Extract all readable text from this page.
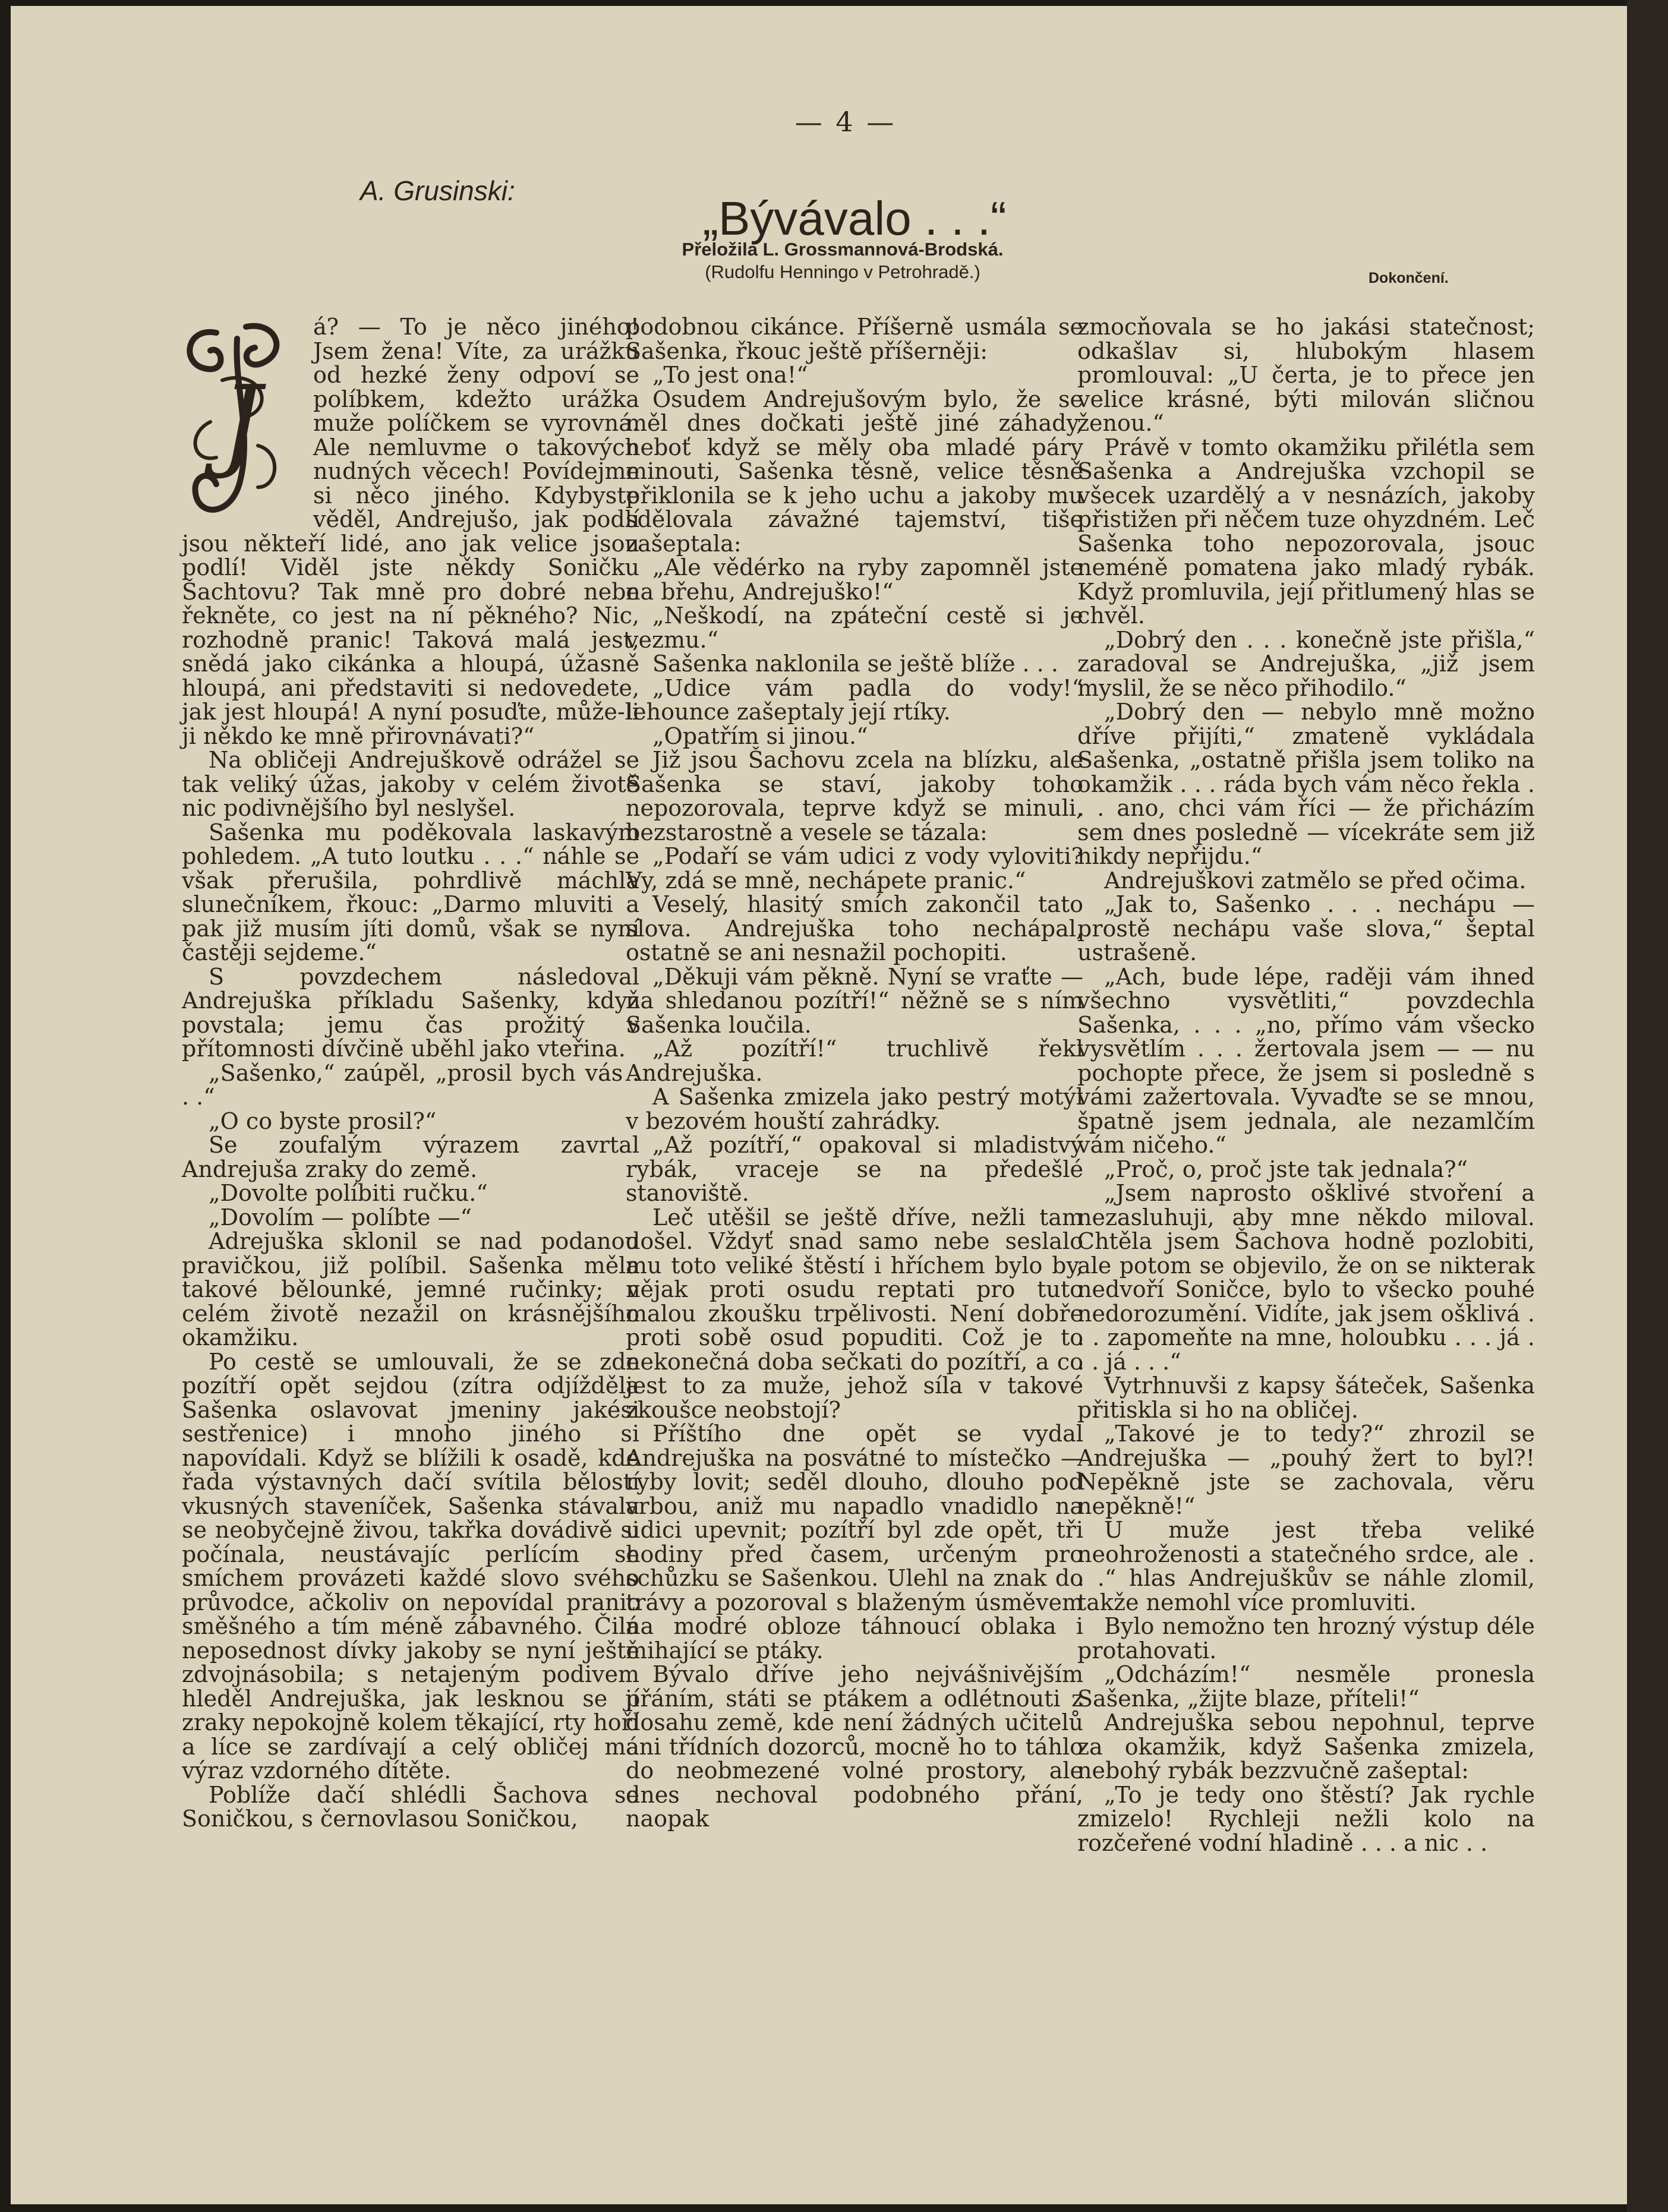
— 4 —
A. Grusinski:
„Bývávalo . . .“
Přeložila L. Grossmannová-Brodská.
(Rudolfu Henningo v Petrohradě.)	Dokončení.
J

á? — To je něco jiného! Jsem žena! Víte, za urážku od hezké ženy odpoví se políbkem, kdežto urážka muže políčkem se vyrovná. Ale nemluvme o takových nudných věcech! Povídejme si něco jiného. Kdybyste věděl, Andrejušo, jak podlí jsou někteří lidé, ano jak velice jsou podlí! Viděl jste někdy Soničku Šachtovu? Tak mně pro dobré nebe řekněte, co jest na ní pěkného? Nic, rozhodně pranic! Taková malá jest, snědá jako cikánka a hloupá, úžasně hloupá, ani představiti si nedovedete, jak jest hloupá! A nyní posuďte, může-li ji někdo ke mně přirovnávati?“

Na obličeji Andrejuškově odrážel se tak veliký úžas, jakoby v celém životě nic podivnějšího byl neslyšel.

Sašenka mu poděkovala laskavým pohledem. „A tuto loutku . . .“ náhle se však přerušila, pohrdlivě máchla slunečníkem, řkouc: „Darmo mluviti a pak již musím jíti domů, však se nyní častěji sejdeme.“

S povzdechem následoval Andrejuška příkladu Sašenky, když povstala; jemu čas prožitý v přítomnosti dívčině uběhl jako vteřina.

„Sašenko,“ zaúpěl, „prosil bych vás . . .“

„O co byste prosil?“

Se zoufalým výrazem zavrtal Andrejuša zraky do země.

„Dovolte políbiti ručku.“

„Dovolím — políbte —“

Adrejuška sklonil se nad podanou pravičkou, již políbil. Sašenka měla takové bělounké, jemné ručinky; v celém životě nezažil on krásnějšího okamžiku.

Po cestě se umlouvali, že se zde pozítří opět sejdou (zítra odjížděla Sašenka oslavovat jmeniny jakési sestřenice) i mnoho jiného si napovídali. Když se blížili k osadě, kde řada výstavných dačí svítila bělostí vkusných staveníček, Sašenka stávala se neobyčejně živou, takřka dovádivě si počínala, neustávajíc perlícím se smíchem provázeti každé slovo svého průvodce, ačkoliv on nepovídal pranic směšného a tím méně zábavného. Čilá neposednost dívky jakoby se nyní ještě zdvojnásobila; s netajeným podivem hleděl Andrejuška, jak lesknou se jí zraky nepokojně kolem těkající, rty hoří a líce se zardívají a celý obličej má výraz vzdorného dítěte.

Poblíže dačí shlédli Šachova se Soničkou, s černovlasou Soničkou,

podobnou cikánce. Příšerně usmála se Sašenka, řkouc ještě příšerněji:

„To jest ona!“

Osudem Andrejušovým bylo, že se měl dnes dočkati ještě jiné záhady, neboť když se měly oba mladé páry minouti, Sašenka těsně, velice těsně přiklonila se k jeho uchu a jakoby mu sdělovala závažné tajemství, tiše zašeptala:

„Ale vědérko na ryby zapomněl jste na břehu, Andrejuško!“

„Neškodí, na zpáteční cestě si je vezmu.“

Sašenka naklonila se ještě blíže . . .

„Udice vám padla do vody!“ lehounce zašeptaly její rtíky.

„Opatřím si jinou.“

Již jsou Šachovu zcela na blízku, ale Sašenka se staví, jakoby toho nepozorovala, teprve když se minuli, bezstarostně a vesele se tázala:

„Podaří se vám udici z vody vyloviti? Vy, zdá se mně, nechápete pranic.“

Veselý, hlasitý smích zakončil tato slova. Andrejuška toho nechápal, ostatně se ani nesnažil pochopiti.

„Děkuji vám pěkně. Nyní se vraťte — na shledanou pozítří!“ něžně se s ním Sašenka loučila.

„Až pozítří!“ truchlivě řekl Andrejuška.

A Sašenka zmizela jako pestrý motýl v bezovém houští zahrádky.

„Až pozítří,“ opakoval si mladistvý rybák, vraceje se na předešlé stanoviště.

Leč utěšil se ještě dříve, nežli tam došel. Vždyť snad samo nebe seslalo mu toto veliké štěstí i hříchem bylo by, nějak proti osudu reptati pro tuto malou zkoušku trpělivosti. Není dobře proti sobě osud popuditi. Což je to nekonečná doba sečkati do pozítří, a co jest to za muže, jehož síla v takové zkoušce neobstojí?

Příštího dne opět se vydal Andrejuška na posvátné to místečko — ryby lovit; seděl dlouho, dlouho pod vrbou, aniž mu napadlo vnadidlo na udici upevnit; pozítří byl zde opět, tři hodiny před časem, určeným pro schůzku se Sašenkou. Ulehl na znak do trávy a pozoroval s blaženým úsměvem na modré obloze táhnoucí oblaka i mihající se ptáky.

Bývalo dříve jeho nejvášnivějším přáním, státi se ptákem a odlétnouti z dosahu země, kde není žádných učitelů ani třídních dozorců, mocně ho to táhlo do neobmezené volné prostory, ale dnes nechoval podobného přání, naopak

zmocňovala se ho jakási statečnost; odkašlav si, hlubokým hlasem promlouval: „U čerta, je to přece jen velice krásné, býti milován sličnou ženou.“

Právě v tomto okamžiku přilétla sem Sašenka a Andrejuška vzchopil se všecek uzardělý a v nesnázích, jakoby přistižen při něčem tuze ohyzdném. Leč Sašenka toho nepozorovala, jsouc neméně pomatena jako mladý rybák. Když promluvila, její přitlumený hlas se chvěl.

„Dobrý den . . . konečně jste přišla,“ zaradoval se Andrejuška, „již jsem myslil, že se něco přihodilo.“

„Dobrý den — nebylo mně možno dříve přijíti,“ zmateně vykládala Sašenka, „ostatně přišla jsem toliko na okamžik . . . ráda bych vám něco řekla . . . ano, chci vám říci — že přicházím sem dnes posledně — vícekráte sem již nikdy nepřijdu.“

Andrejuškovi zatmělo se před očima.

„Jak to, Sašenko . . . nechápu — prostě nechápu vaše slova,“ šeptal ustrašeně.

„Ach, bude lépe, raději vám ihned všechno vysvětliti,“ povzdechla Sašenka, . . . „no, přímo vám všecko vysvětlím . . . žertovala jsem — — nu pochopte přece, že jsem si posledně s vámi zažertovala. Vyvaďte se se mnou, špatně jsem jednala, ale nezamlčím vám ničeho.“

„Proč, o, proč jste tak jednala?“

„Jsem naprosto ošklivé stvoření a nezasluhuji, aby mne někdo miloval. Chtěla jsem Šachova hodně pozlobiti, ale potom se objevilo, že on se nikterak nedvoří Soničce, bylo to všecko pouhé nedorozumění. Vidíte, jak jsem ošklivá . . . zapomeňte na mne, holoubku . . . já . . . já . . .“

Vytrhnuvši z kapsy šáteček, Sašenka přitiskla si ho na obličej.

„Takové je to tedy?“ zhrozil se Andrejuška — „pouhý žert to byl?! Nepěkně jste se zachovala, věru nepěkně!“

U muže jest třeba veliké neohroženosti a statečného srdce, ale . . .“ hlas Andrejuškův se náhle zlomil, takže nemohl více promluviti.

Bylo nemožno ten hrozný výstup déle protahovati.

„Odcházím!“ nesměle pronesla Sašenka, „žijte blaze, příteli!“

Andrejuška sebou nepohnul, teprve za okamžik, když Sašenka zmizela, nebohý rybák bezzvučně zašeptal:

„To je tedy ono štěstí? Jak rychle zmizelo! Rychleji nežli kolo na rozčeřené vodní hladině . . . a nic . .
